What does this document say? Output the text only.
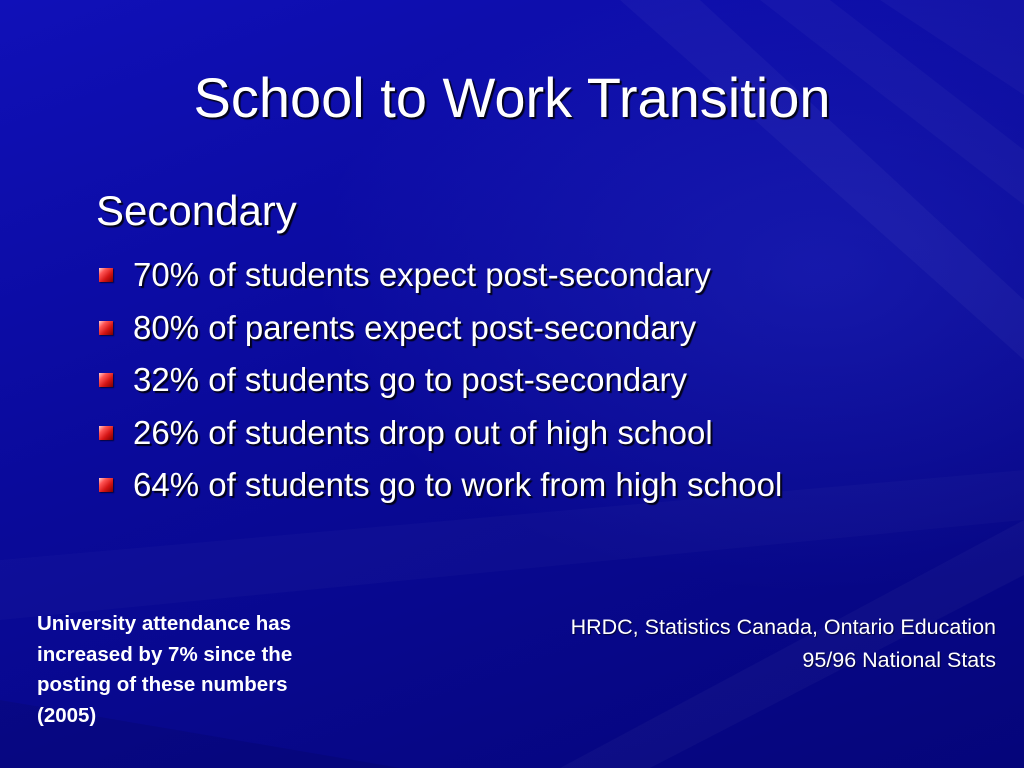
School to Work Transition
Secondary
70% of students expect post-secondary
80% of parents expect post-secondary
32% of students go to post-secondary
26% of students drop out of high school
64% of students go to work from high school

University attendance has
increased by 7% since the
posting of these numbers
(2005)

HRDC, Statistics Canada, Ontario Education
95/96 National Stats
